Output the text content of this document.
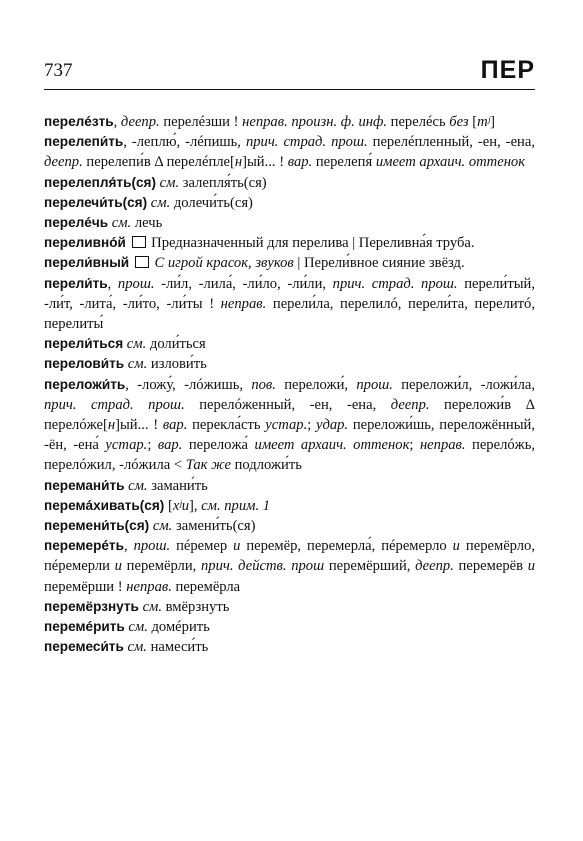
737	ПЕР
перелéзть, деепр. перелéзши ! неправ. произн. ф. инф. перелéсь без [тʲ]
перелепи́ть, -леплю́, -лéпишь, прич. страд. прош. перелéпленный, -ен, -ена, деепр. перелепи́в Δ перелéпле[н]ый... ! вар. перелепя́ имеет архаич. оттенок
перелепля́ть(ся) см. залепля́ть(ся)
перелечи́ть(ся) см. долечи́ть(ся)
перелéчь см. лечь
переливнóй Предназначенный для перелива | Переливна́я труба.
перели́вный С игрой красок, звуков | Перели́вное сияние звёзд.
перели́ть, прош. -ли́л, -лила́, -ли́ло, -ли́ли, прич. страд. прош. перели́тый, -ли́т, -лита́, -ли́то, -ли́ты ! неправ. перели́ла, перелилó, перели́та, перелитó, перелиты́
перели́ться см. доли́ться
перелови́ть см. излови́ть
переложи́ть, -ложу́, -лóжишь, пов. переложи́, прош. переложи́л, -ложи́ла, прич. страд. прош. перелóженный, -ен, -ена, деепр. переложи́в Δ перелóже[н]ый... ! вар. перекла́сть устар.; удар. переложи́шь, переложённый, -ён, -ена́ устар.; вар. перелoжа́ имеет архаич. оттенок; неправ. перелóжь, перелóжил, -лóжила < Так же подложи́ть
перемани́ть см. замани́ть
перемáхивать(ся) [хʲи], см. прим. 1
перемени́ть(ся) см. замени́ть(ся)
перемерéть, прош. пéремер и перемёр, перемерла́, пéремерло и перемёрло, пéремерли и перемёрли, прич. действ. прош перемёрший, деепр. перемерёв и перемёрши ! неправ. перемёрла
перемёрзнуть см. вмёрзнуть
перемéрить см. домéрить
перемеси́ть см. намеси́ть
